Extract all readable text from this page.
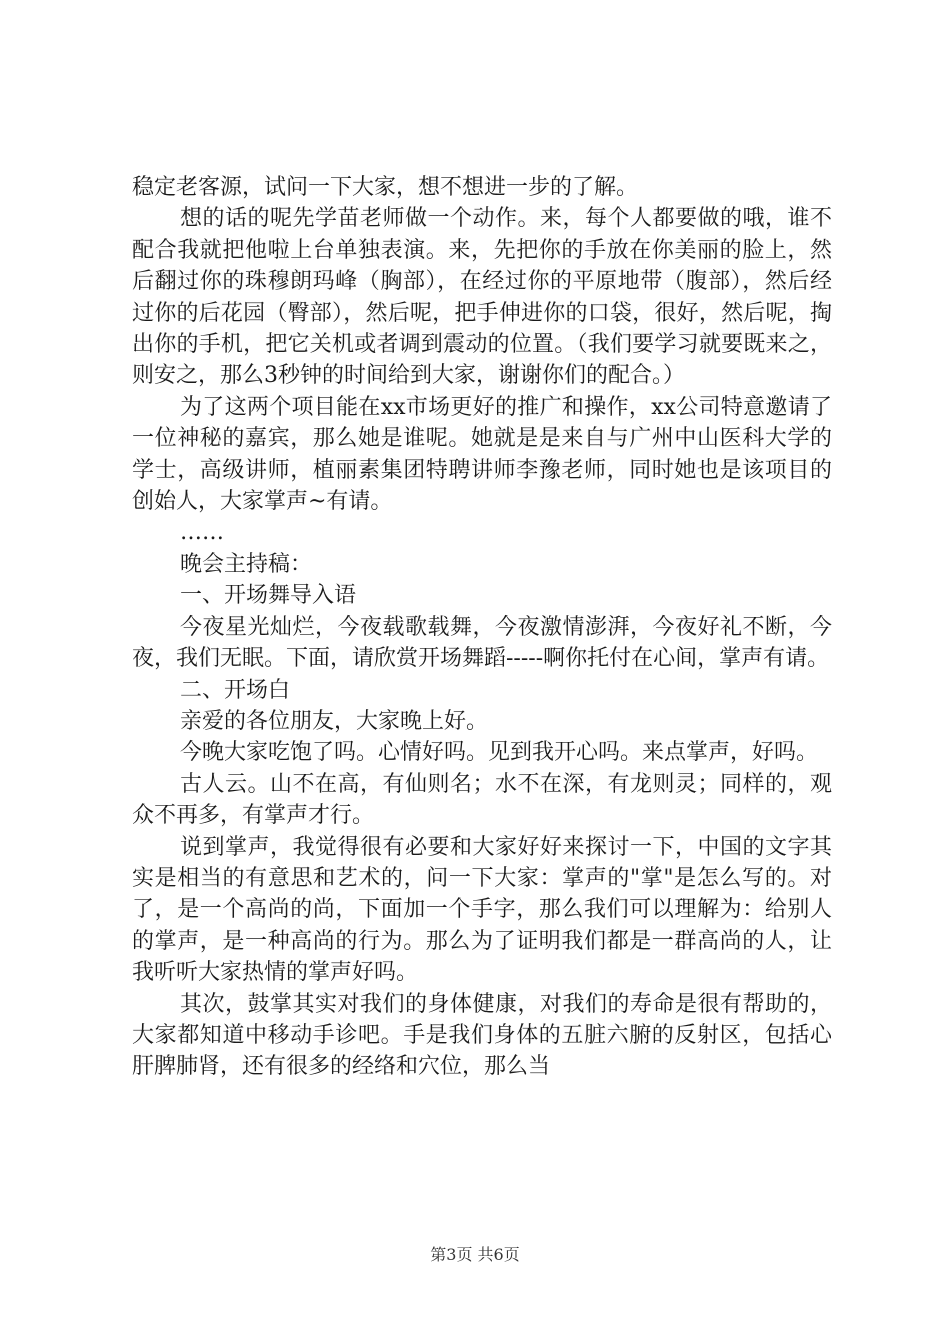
稳定老客源，试问一下大家，想不想进一步的了解。

想的话的呢先学苗老师做一个动作。来，每个人都要做的哦，谁不配合我就把他啦上台单独表演。来，先把你的手放在你美丽的脸上，然后翻过你的珠穆朗玛峰（胸部），在经过你的平原地带（腹部），然后经过你的后花园（臀部），然后呢，把手伸进你的口袋，很好，然后呢，掏出你的手机，把它关机或者调到震动的位置。（我们要学习就要既来之，则安之，那么3秒钟的时间给到大家，谢谢你们的配合。）

为了这两个项目能在xx市场更好的推广和操作，xx公司特意邀请了一位神秘的嘉宾，那么她是谁呢。她就是是来自与广州中山医科大学的学士，高级讲师，植丽素集团特聘讲师李豫老师，同时她也是该项目的创始人，大家掌声~有请。

……

晚会主持稿：

一、开场舞导入语

今夜星光灿烂，今夜载歌载舞，今夜激情澎湃，今夜好礼不断，今夜，我们无眠。下面，请欣赏开场舞蹈-----啊你托付在心间，掌声有请。

二、开场白

亲爱的各位朋友，大家晚上好。

今晚大家吃饱了吗。心情好吗。见到我开心吗。来点掌声，好吗。

古人云。山不在高，有仙则名；水不在深，有龙则灵；同样的，观众不再多，有掌声才行。

说到掌声，我觉得很有必要和大家好好来探讨一下，中国的文字其实是相当的有意思和艺术的，问一下大家：掌声的"掌"是怎么写的。对了，是一个高尚的尚，下面加一个手字，那么我们可以理解为：给别人的掌声，是一种高尚的行为。那么为了证明我们都是一群高尚的人，让我听听大家热情的掌声好吗。

其次，鼓掌其实对我们的身体健康，对我们的寿命是很有帮助的，大家都知道中移动手诊吧。手是我们身体的五脏六腑的反射区，包括心肝脾肺肾，还有很多的经络和穴位，那么当

第3页 共6页
